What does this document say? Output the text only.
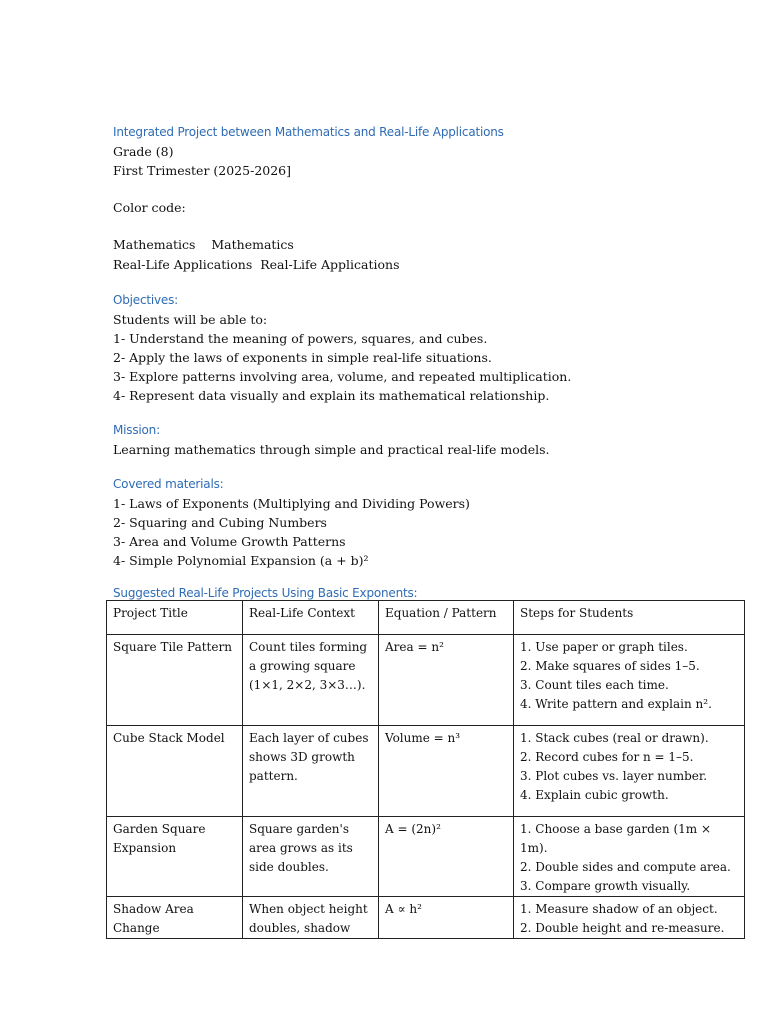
Integrated Project between Mathematics and Real-Life Applications
Grade (8)
First Trimester (2025-2026]
Color code:
Mathematics Mathematics
Real-Life Applications Real-Life Applications
Objectives:
Students will be able to:
1- Understand the meaning of powers, squares, and cubes.
2- Apply the laws of exponents in simple real-life situations.
3- Explore patterns involving area, volume, and repeated multiplication.
4- Represent data visually and explain its mathematical relationship.
Mission:
Learning mathematics through simple and practical real-life models.
Covered materials:
1- Laws of Exponents (Multiplying and Dividing Powers)
2- Squaring and Cubing Numbers
3- Area and Volume Growth Patterns
4- Simple Polynomial Expansion (a + b)²
Suggested Real-Life Projects Using Basic Exponents:
Project Title	Real-Life Context	Equation / Pattern	Steps for Students
Square Tile Pattern	Count tiles forming a growing square (1×1, 2×2, 3×3…).	Area = n²	1. Use paper or graph tiles.
2. Make squares of sides 1–5.
3. Count tiles each time.
4. Write pattern and explain n².

Cube Stack Model	Each layer of cubes shows 3D growth pattern.	Volume = n³	1. Stack cubes (real or drawn).
2. Record cubes for n = 1–5.
3. Plot cubes vs. layer number.
4. Explain cubic growth.

Garden Square Expansion	Square garden's area grows as its side doubles.	A = (2n)²	1. Choose a base garden (1m × 1m).
2. Double sides and compute area.
3. Compare growth visually.

Shadow Area Change	When object height doubles, shadow	A ∝ h²	1. Measure shadow of an object.
2. Double height and re-measure.
